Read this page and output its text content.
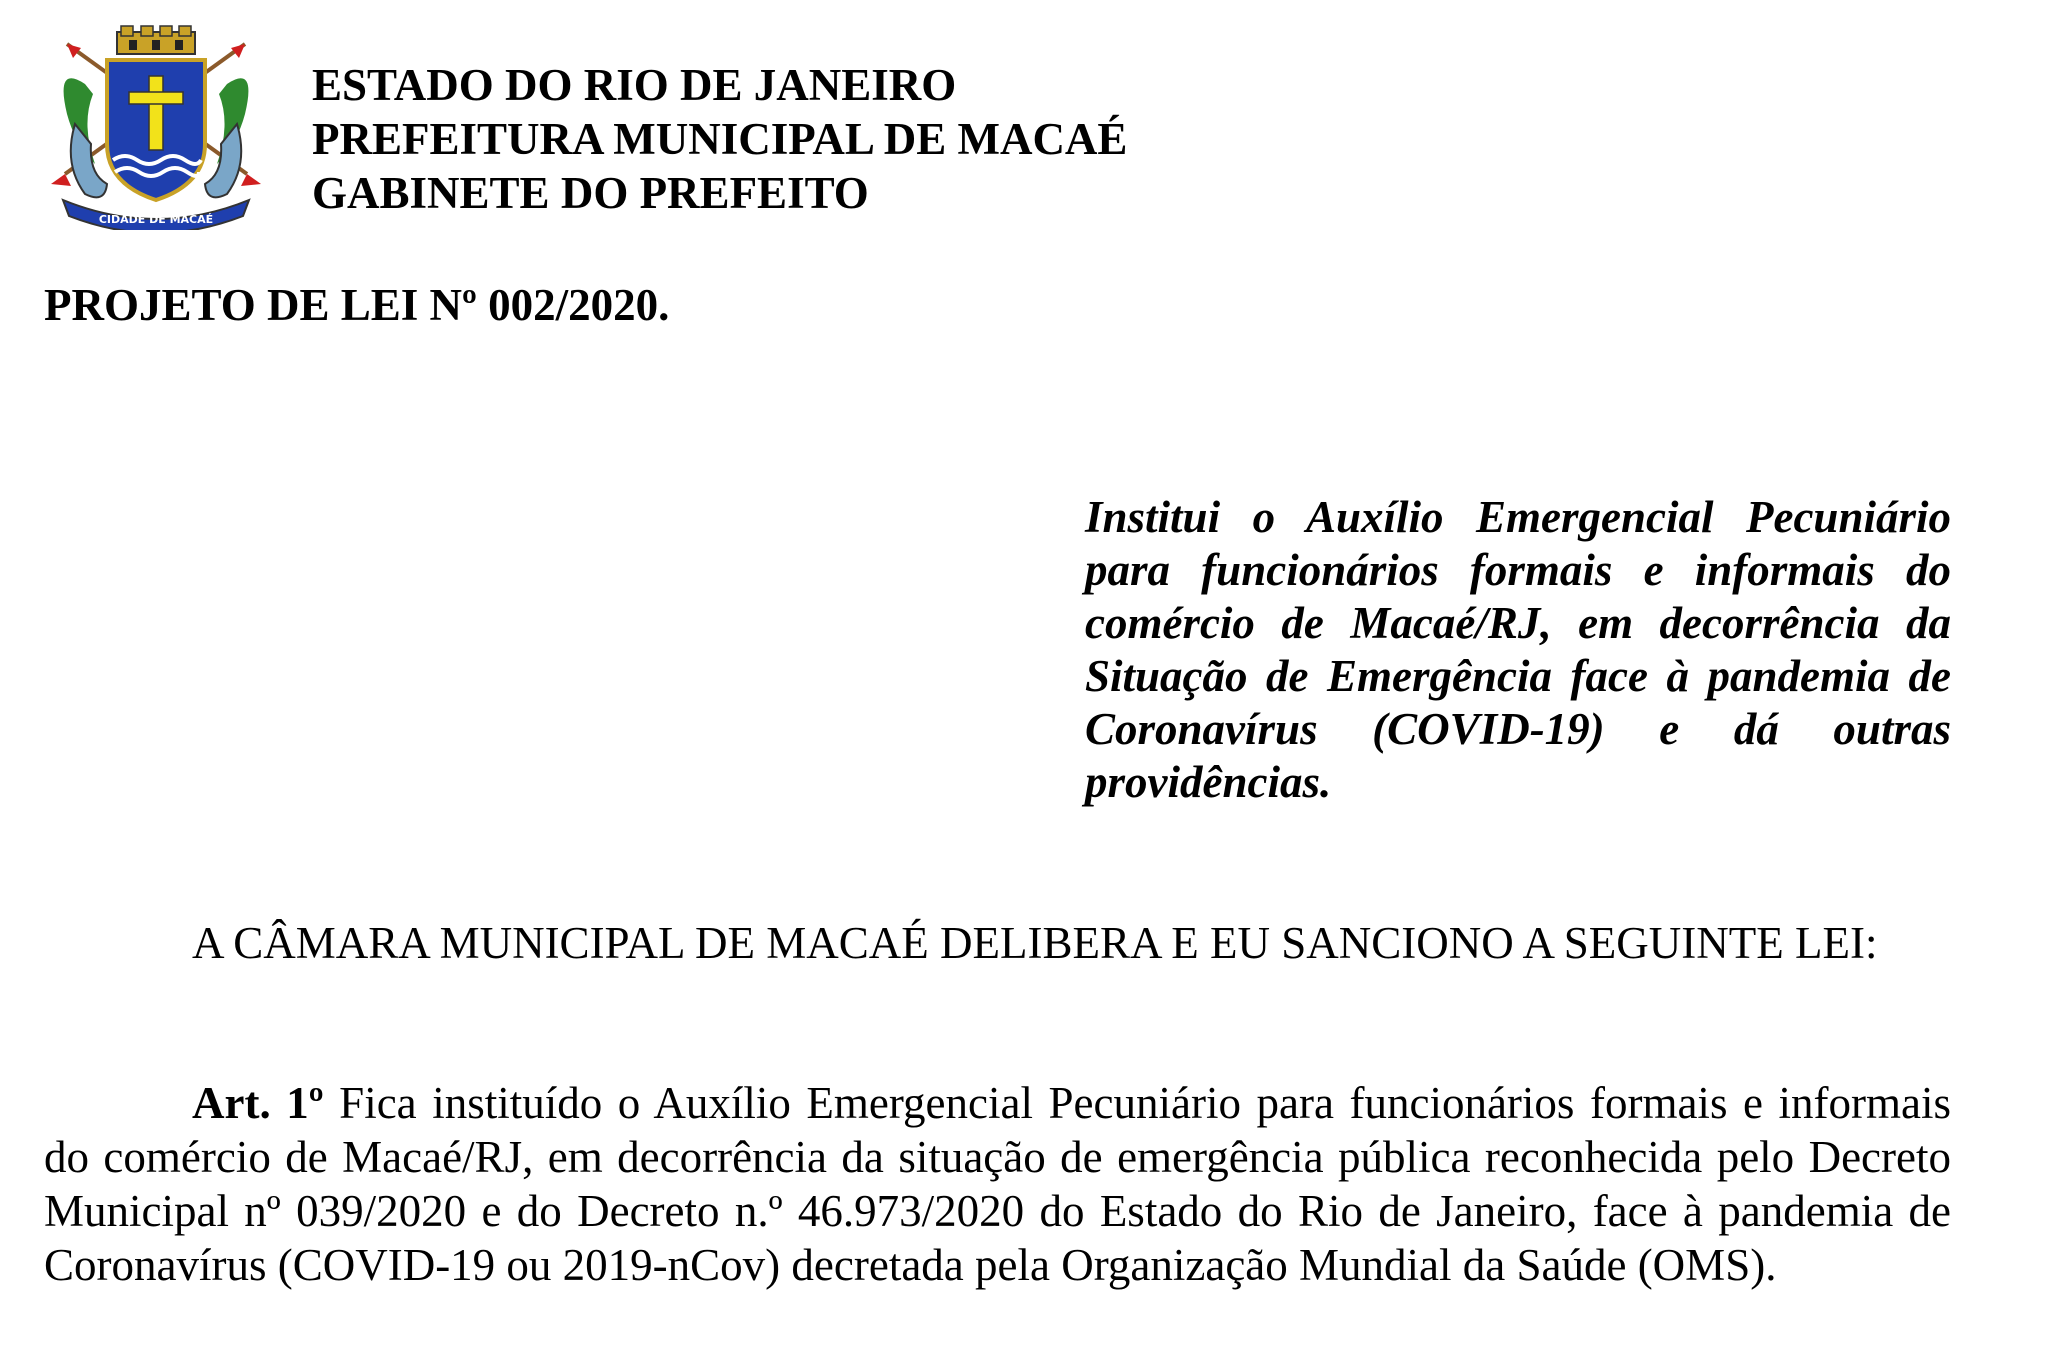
CIDADE DE MACAÉ
ESTADO DO RIO DE JANEIRO
PREFEITURA MUNICIPAL DE MACAÉ
GABINETE DO PREFEITO
PROJETO DE LEI Nº 002/2020.
Institui o Auxílio Emergencial Pecuniário para funcionários formais e informais do comércio de Macaé/RJ, em decorrência da Situação de Emergência face à pandemia de Coronavírus (COVID-19) e dá outras providências.
A CÂMARA MUNICIPAL DE MACAÉ DELIBERA E EU SANCIONO A SEGUINTE LEI:
Art. 1º Fica instituído o Auxílio Emergencial Pecuniário para funcionários formais e informais do comércio de Macaé/RJ, em decorrência da situação de emergência pública reconhecida pelo Decreto Municipal nº 039/2020 e do Decreto n.º 46.973/2020 do Estado do Rio de Janeiro, face à pandemia de Coronavírus (COVID-19 ou 2019-nCov) decretada pela Organização Mundial da Saúde (OMS).
